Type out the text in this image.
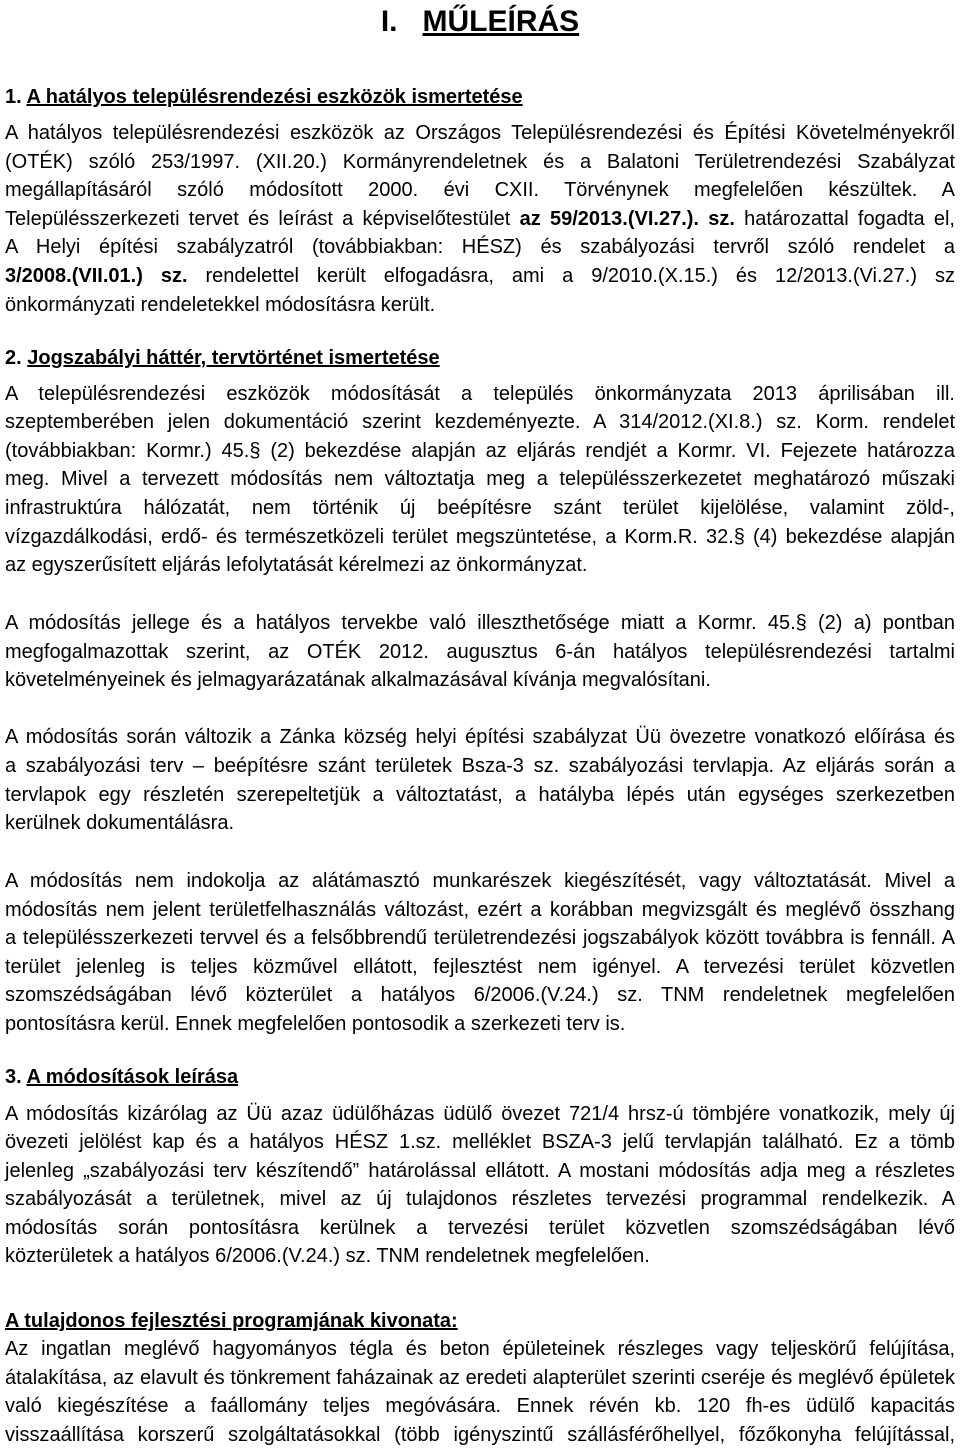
I. MŰLEÍRÁS
1. A hatályos településrendezési eszközök ismertetése
A hatályos településrendezési eszközök az Országos Településrendezési és Építési Követelményekről
(OTÉK) szóló 253/1997. (XII.20.) Kormányrendeletnek és a Balatoni Területrendezési Szabályzat
megállapításáról szóló módosított 2000. évi CXII. Törvénynek megfelelően készültek. A
Településszerkezeti tervet és leírást a képviselőtestület az 59/2013.(VI.27.). sz. határozattal fogadta el,
A Helyi építési szabályzatról (továbbiakban: HÉSZ) és szabályozási tervről szóló rendelet a
3/2008.(VII.01.) sz. rendelettel került elfogadásra, ami a 9/2010.(X.15.) és 12/2013.(Vi.27.) sz
önkormányzati rendeletekkel módosításra került.
2. Jogszabályi háttér, tervtörténet ismertetése
A településrendezési eszközök módosítását a település önkormányzata 2013 áprilisában ill.
szeptemberében jelen dokumentáció szerint kezdeményezte. A 314/2012.(XI.8.) sz. Korm. rendelet
(továbbiakban: Kormr.) 45.§ (2) bekezdése alapján az eljárás rendjét a Kormr. VI. Fejezete határozza
meg. Mivel a tervezett módosítás nem változtatja meg a településszerkezetet meghatározó műszaki
infrastruktúra hálózatát, nem történik új beépítésre szánt terület kijelölése, valamint zöld-,
vízgazdálkodási, erdő- és természetközeli terület megszüntetése, a Korm.R. 32.§ (4) bekezdése alapján
az egyszerűsített eljárás lefolytatását kérelmezi az önkormányzat.
A módosítás jellege és a hatályos tervekbe való illeszthetősége miatt a Kormr. 45.§ (2) a) pontban
megfogalmazottak szerint, az OTÉK 2012. augusztus 6-án hatályos településrendezési tartalmi
követelményeinek és jelmagyarázatának alkalmazásával kívánja megvalósítani.
A módosítás során változik a Zánka község helyi építési szabályzat Üü övezetre vonatkozó előírása és
a szabályozási terv – beépítésre szánt területek Bsza-3 sz. szabályozási tervlapja. Az eljárás során a
tervlapok egy részletén szerepeltetjük a változtatást, a hatályba lépés után egységes szerkezetben
kerülnek dokumentálásra.
A módosítás nem indokolja az alátámasztó munkarészek kiegészítését, vagy változtatását. Mivel a
módosítás nem jelent területfelhasználás változást, ezért a korábban megvizsgált és meglévő összhang
a településszerkezeti tervvel és a felsőbbrendű területrendezési jogszabályok között továbbra is fennáll. A
terület jelenleg is teljes közművel ellátott, fejlesztést nem igényel. A tervezési terület közvetlen
szomszédságában lévő közterület a hatályos 6/2006.(V.24.) sz. TNM rendeletnek megfelelően
pontosításra kerül. Ennek megfelelően pontosodik a szerkezeti terv is.
3. A módosítások leírása
A módosítás kizárólag az Üü azaz üdülőházas üdülő övezet 721/4 hrsz-ú tömbjére vonatkozik, mely új
övezeti jelölést kap és a hatályos HÉSZ 1.sz. melléklet BSZA-3 jelű tervlapján található. Ez a tömb
jelenleg „szabályozási terv készítendő” határolással ellátott. A mostani módosítás adja meg a részletes
szabályozását a területnek, mivel az új tulajdonos részletes tervezési programmal rendelkezik. A
módosítás során pontosításra kerülnek a tervezési terület közvetlen szomszédságában lévő
közterületek a hatályos 6/2006.(V.24.) sz. TNM rendeletnek megfelelően.
A tulajdonos fejlesztési programjának kivonata:
Az ingatlan meglévő hagyományos tégla és beton épületeinek részleges vagy teljeskörű felújítása,
átalakítása, az elavult és tönkrement faházainak az eredeti alapterület szerinti cseréje és meglévő épületek
való kiegészítése a faállomány teljes megóvására. Ennek révén kb. 120 fh-es üdülő kapacitás
visszaállítása korszerű szolgáltatásokkal (több igényszintű szállásférőhellyel, főzőkonyha felújítással,
